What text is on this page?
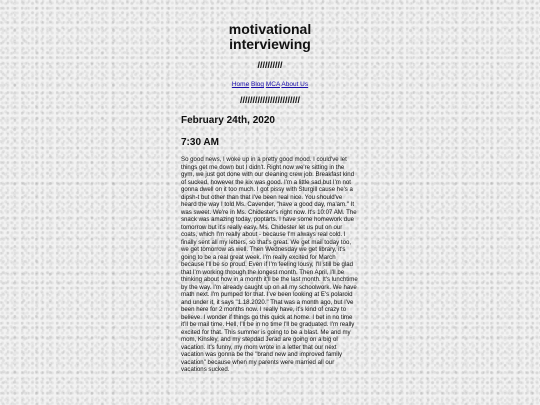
motivational
interviewing
//////////
Home Blog MCA About Us
////////////////////////
February 24th, 2020
7:30 AM
So good news, I woke up in a pretty good mood. I could've let things get me down but I didn't. Right now we're sitting in the gym, we just got done with our cleaning crew job. Breakfast kind of sucked, however the kix was good. I'm a little sad but I'm not gonna dwell on it too much. I got pissy with Sturgill cause he's a dipsh-t but other than that I've been real nice. You should've heard the way I told Ms. Cavender, "have a good day, ma'am." It was sweet. We're in Ms. Chidester's right now. It's 10:07 AM. The snack was amazing today, poptarts. I have some homework due tomorrow but it's really easy. Ms. Chidester let us put on our coats, which I'm really about - because I'm always real cold. I finally sent all my letters, so that's great. We get mail today too, we get tomorrow as well. Then Wednesday we get library, it's going to be a real great week. I'm really excited for March because I'll be so proud. Even if I'm feeling lousy, I'll still be glad that I'm working through the longest month. Then April, I'll be thinking about how in a month it'll be the last month. It's lunchtime by the way. I'm already caught up on all my schoolwork. We have math next. I'm pumped for that. I've been looking at E's polaroid and under it, it says "1.18.2020." That was a month ago, but I've been here for 2 months now. I really have, it's kind of crazy to believe. I wonder if things go this quick at home. I bet in no time it'll be mail time. Hell, I'll be in no time I'll be graduated. I'm really excited for that. This summer is going to be a blast. Me and my mom, Kinsley, and my stepdad Jerad are going on a big ol vacation. It's funny, my mom wrote in a letter that our next vacation was gonna be the "brand new and improved family vacation" because when my parents were married all our vacations sucked.
